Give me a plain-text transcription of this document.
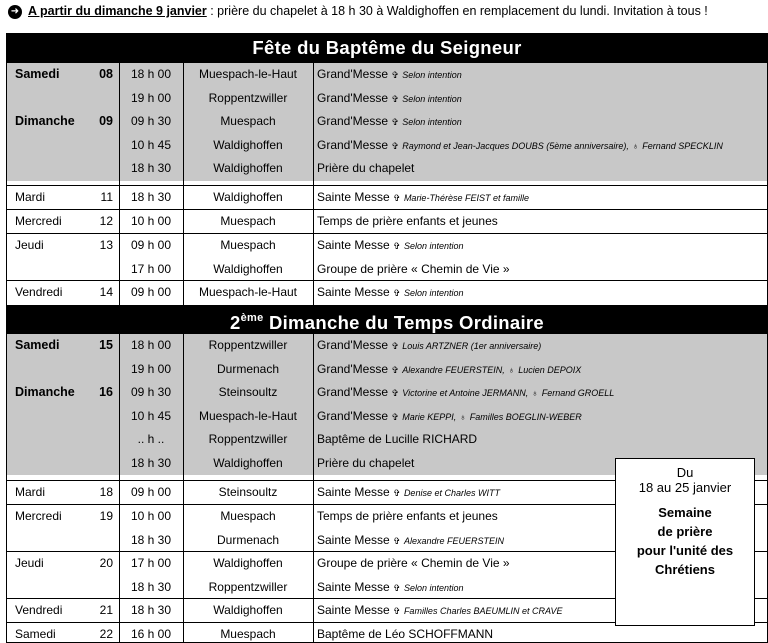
➜ A partir du dimanche 9 janvier : prière du chapelet à 18 h 30 à Waldighoffen en remplacement du lundi. Invitation à tous !
Fête du Baptême du Seigneur
Samedi	08	18 h 00	Muespach-le-Haut	Grand'Messe ✞ Selon intention
19 h 00	Roppentzwiller	Grand'Messe ✞ Selon intention
Dimanche 09	09 h 30	Muespach	Grand'Messe ✞ Selon intention
10 h 45	Waldighoffen	Grand'Messe ✞ Raymond et Jean-Jacques DOUBS (5ème anniversaire), ♁ Fernand SPECKLIN
18 h 30	Waldighoffen	Prière du chapelet
Mardi	11	18 h 30	Waldighoffen	Sainte Messe ✞ Marie-Thérèse FEIST et famille
Mercredi	12	10 h 00	Muespach	Temps de prière enfants et jeunes
Jeudi	13	09 h 00	Muespach	Sainte Messe ✞ Selon intention
17 h 00	Waldighoffen	Groupe de prière « Chemin de Vie »
Vendredi	14	09 h 00	Muespach-le-Haut	Sainte Messe ✞ Selon intention
2ème Dimanche du Temps Ordinaire
Samedi	15	18 h 00	Roppentzwiller	Grand'Messe ✞ Louis ARTZNER (1er anniversaire)
19 h 00	Durmenach	Grand'Messe ✞ Alexandre FEUERSTEIN, ♁ Lucien DEPOIX
Dimanche 16	09 h 30	Steinsoultz	Grand'Messe ✞ Victorine et Antoine JERMANN, ♁ Fernand GROELL
10 h 45	Muespach-le-Haut	Grand'Messe ✞ Marie KEPPI, ♁ Familles BOEGLIN-WEBER
.. h ..	Roppentzwiller	Baptême de Lucille RICHARD
18 h 30	Waldighoffen	Prière du chapelet
Mardi	18	09 h 00	Steinsoultz	Sainte Messe ✞ Denise et Charles WITT
Mercredi	19	10 h 00	Muespach	Temps de prière enfants et jeunes
18 h 30	Durmenach	Sainte Messe ✞ Alexandre FEUERSTEIN
Jeudi	20	17 h 00	Waldighoffen	Groupe de prière « Chemin de Vie »
18 h 30	Roppentzwiller	Sainte Messe ✞ Selon intention
Vendredi	21	18 h 30	Waldighoffen	Sainte Messe ✞ Familles Charles BAEUMLIN et CRAVE
Samedi	22	16 h 00	Muespach	Baptême de Léo SCHOFFMANN
Du
18 au 25 janvier
Semaine
de prière
pour l'unité des
Chrétiens
